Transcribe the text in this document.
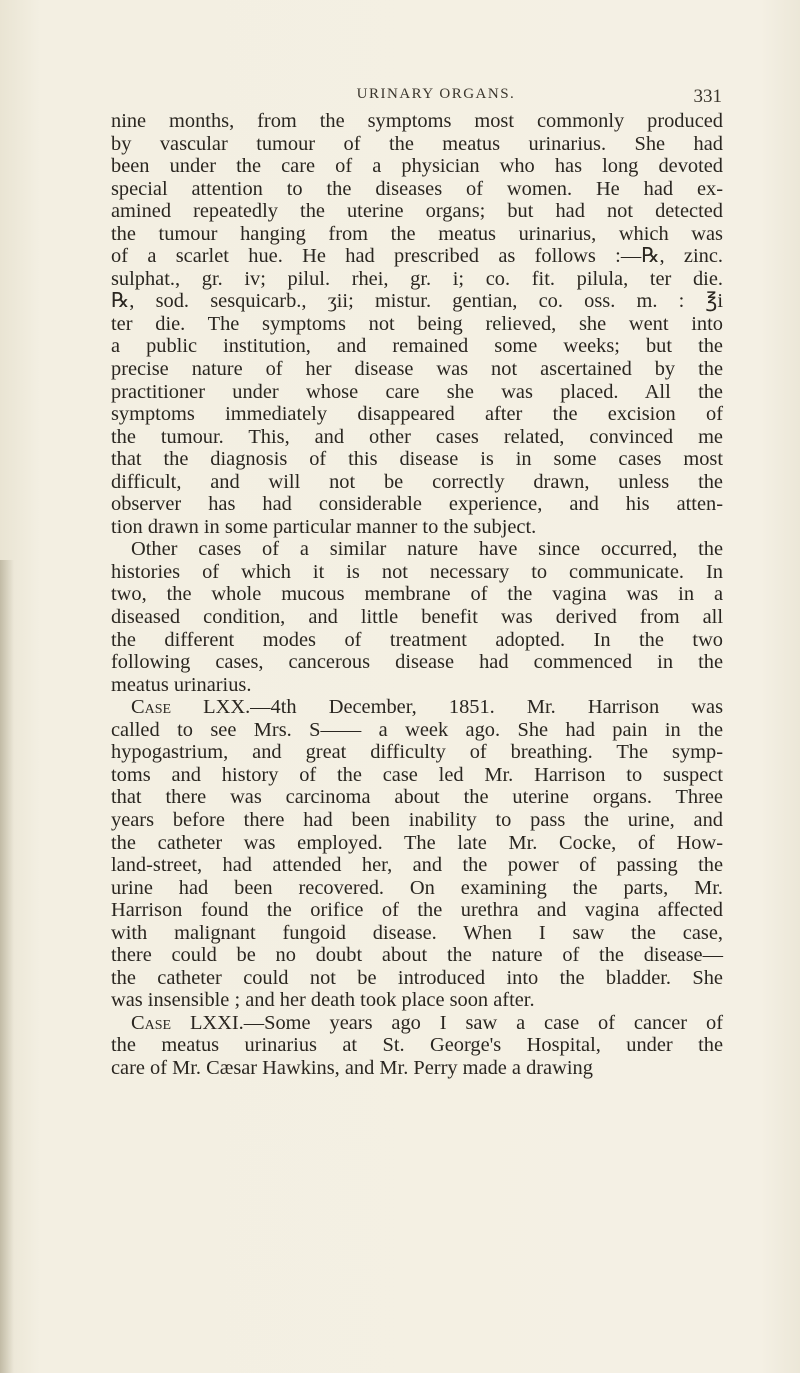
URINARY ORGANS.	331
nine months, from the symptoms most commonly produced
by vascular tumour of the meatus urinarius. She had
been under the care of a physician who has long devoted
special attention to the diseases of women. He had ex-
amined repeatedly the uterine organs; but had not detected
the tumour hanging from the meatus urinarius, which was
of a scarlet hue. He had prescribed as follows :—℞, zinc.
sulphat., gr. iv; pilul. rhei, gr. i; co. fit. pilula, ter die.
℞, sod. sesquicarb., ʒii; mistur. gentian, co. oss. m. : ℥i
ter die. The symptoms not being relieved, she went into
a public institution, and remained some weeks; but the
precise nature of her disease was not ascertained by the
practitioner under whose care she was placed. All the
symptoms immediately disappeared after the excision of
the tumour. This, and other cases related, convinced me
that the diagnosis of this disease is in some cases most
difficult, and will not be correctly drawn, unless the
observer has had considerable experience, and his atten-
tion drawn in some particular manner to the subject.
Other cases of a similar nature have since occurred, the
histories of which it is not necessary to communicate. In
two, the whole mucous membrane of the vagina was in a
diseased condition, and little benefit was derived from all
the different modes of treatment adopted. In the two
following cases, cancerous disease had commenced in the
meatus urinarius.
Case LXX.—4th December, 1851. Mr. Harrison was
called to see Mrs. S—— a week ago. She had pain in the
hypogastrium, and great difficulty of breathing. The symp-
toms and history of the case led Mr. Harrison to suspect
that there was carcinoma about the uterine organs. Three
years before there had been inability to pass the urine, and
the catheter was employed. The late Mr. Cocke, of How-
land-street, had attended her, and the power of passing the
urine had been recovered. On examining the parts, Mr.
Harrison found the orifice of the urethra and vagina affected
with malignant fungoid disease. When I saw the case,
there could be no doubt about the nature of the disease—
the catheter could not be introduced into the bladder. She
was insensible ; and her death took place soon after.
Case LXXI.—Some years ago I saw a case of cancer of
the meatus urinarius at St. George's Hospital, under the
care of Mr. Cæsar Hawkins, and Mr. Perry made a drawing
